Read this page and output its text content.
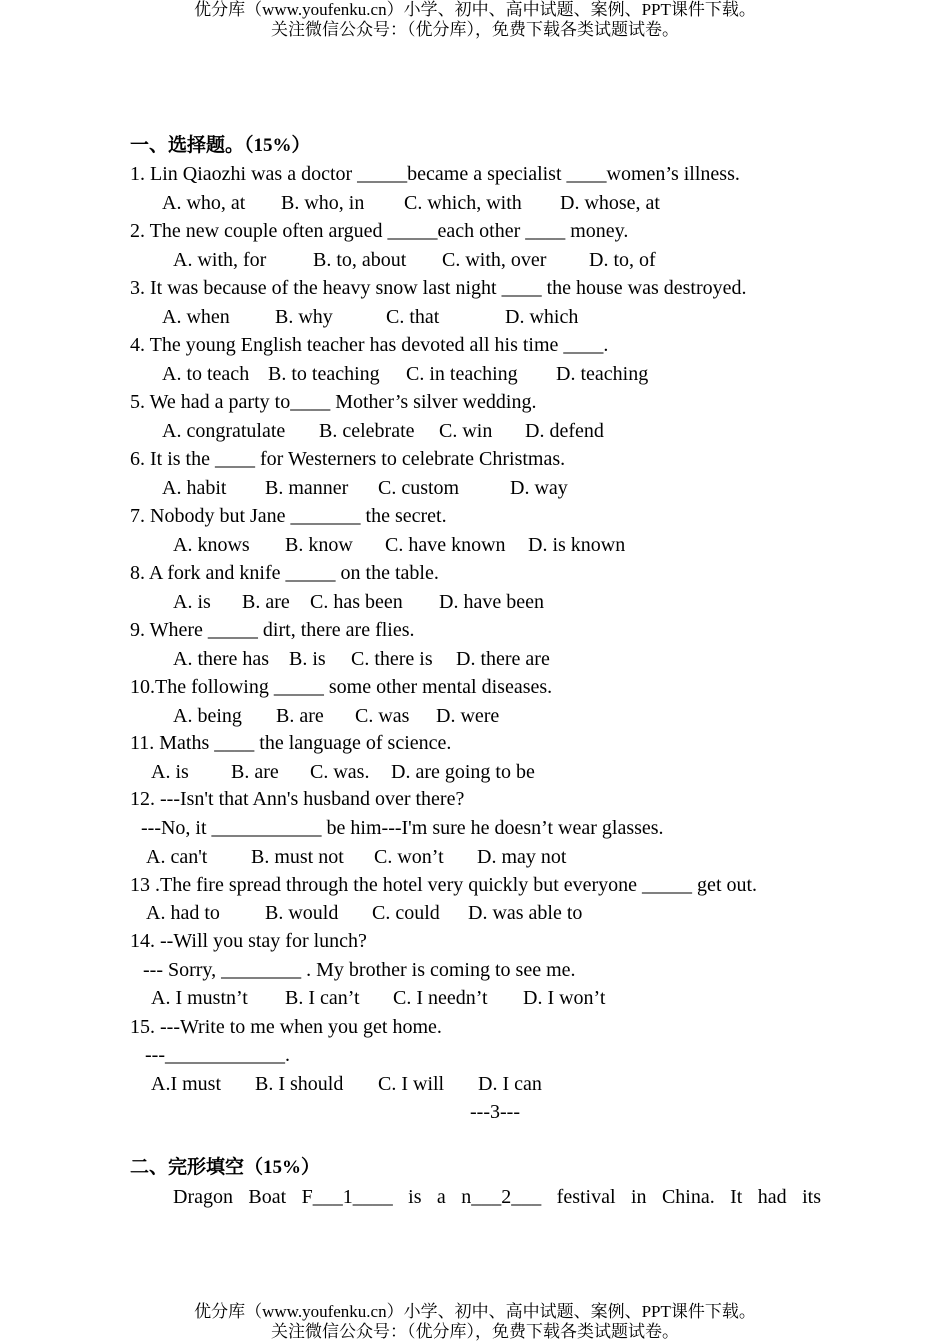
优分库（www.youfenku.cn）小学、初中、高中试题、案例、PPT课件下载。
关注微信公众号：（优分库），免费下载各类试题试卷。
一、选择题。（15%）
1. Lin Qiaozhi was a doctor _____became a specialist ____women’s illness.
A. who, at B. who, in C. which, with D. whose, at
2. The new couple often argued _____each other ____ money.
A. with, for B. to, about C. with, over D. to, of
3. It was because of the heavy snow last night ____ the house was destroyed.
A. when B. why	C. that	D. which
4. The young English teacher has devoted all his time ____.
A. to teach B. to teaching C. in teaching D. teaching
5. We had a party to____ Mother’s silver wedding.
A. congratulate B. celebrate C. win D. defend
6. It is the ____ for Westerners to celebrate Christmas.
A. habit B. manner C. custom	D. way
7. Nobody but Jane _______ the secret.
A. knows B. know C. have known D. is known
8. A fork and knife _____ on the table.
A. is B. are C. has been D. have been
9. Where _____ dirt, there are flies.
A. there has B. is C. there is D. there are
10.The following _____ some other mental diseases.
A. being B. are C. was D. were
11. Maths ____ the language of science.
A. is B. are C. was. D. are going to be
12. ---Isn't that Ann's husband over there?
---No, it ___________ be him---I'm sure he doesn’t wear glasses.
A. can't B. must not C. won’t D. may not
13 .The fire spread through the hotel very quickly but everyone _____ get out.
A. had to B. would C. could D. was able to
14. --Will you stay for lunch?
--- Sorry, ________ . My brother is coming to see me.
A. I mustn’t B. I can’t C. I needn’t D. I won’t
15. ---Write to me when you get home.
---____________.
A.I must B. I should C. I will D. I can
---3---
二、完形填空（15%）
Dragon Boat F___1____ is a n___2___ festival in China. It had its
优分库（www.youfenku.cn）小学、初中、高中试题、案例、PPT课件下载。
关注微信公众号：（优分库），免费下载各类试题试卷。
